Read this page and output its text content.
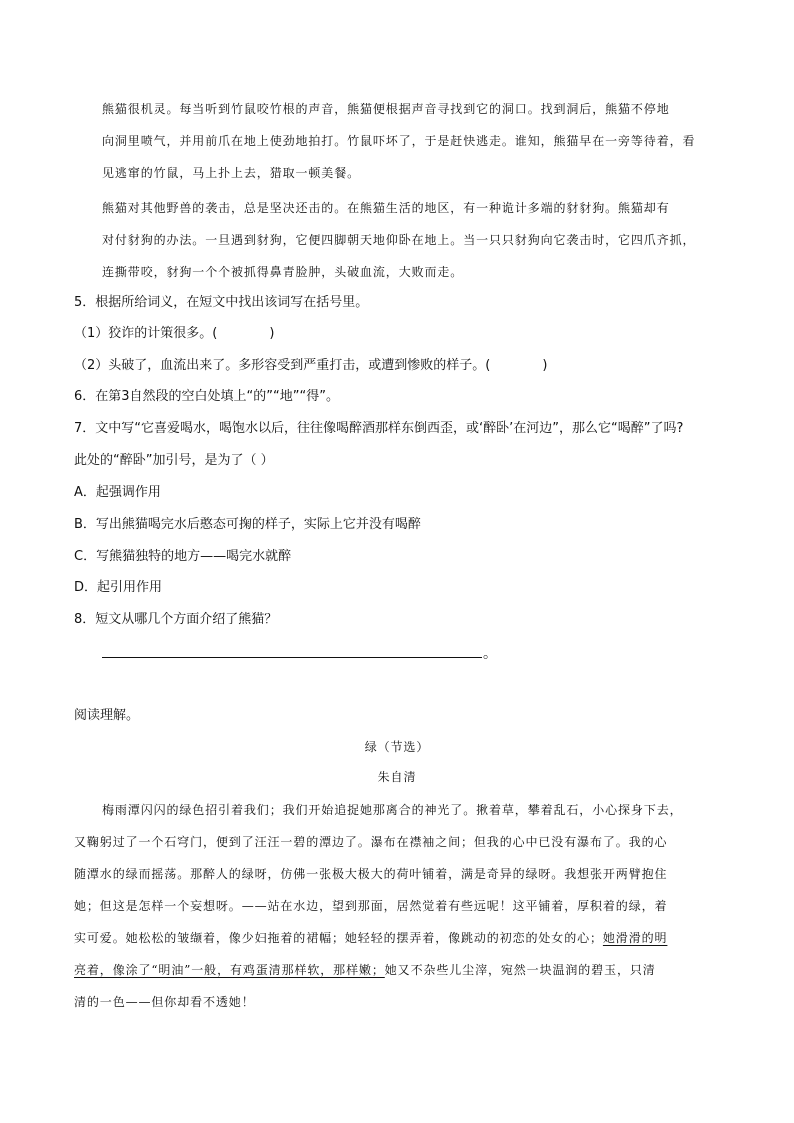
熊猫很机灵。每当听到竹鼠咬竹根的声音，熊猫便根据声音寻找到它的洞口。找到洞后，熊猫不停地
向洞里喷气，并用前爪在地上使劲地拍打。竹鼠吓坏了，于是赶快逃走。谁知，熊猫早在一旁等待着，看
见逃窜的竹鼠，马上扑上去，猎取一顿美餐。
熊猫对其他野兽的袭击，总是坚决还击的。在熊猫生活的地区，有一种诡计多端的豺豺狗。熊猫却有
对付豺狗的办法。一旦遇到豺狗，它便四脚朝天地仰卧在地上。当一只只豺狗向它袭击时，它四爪齐抓，
连撕带咬，豺狗一个个被抓得鼻青脸肿，头破血流，大败而走。
5．根据所给词义，在短文中找出该词写在括号里。
（1）狡诈的计策很多。(　　　　)
（2）头破了，血流出来了。多形容受到严重打击，或遭到惨败的样子。(　　　　)
6．在第3自然段的空白处填上“的”“地”“得”。
7．文中写“它喜爱喝水，喝饱水以后，往往像喝醉酒那样东倒西歪，或‘醉卧’在河边”，那么它“喝醉”了吗?
此处的“醉卧”加引号，是为了（ ）
A．起强调作用
B．写出熊猫喝完水后憨态可掬的样子，实际上它并没有喝醉
C．写熊猫独特的地方——喝完水就醉
D．起引用作用
8．短文从哪几个方面介绍了熊猫？
。
阅读理解。
绿（节选）
朱自清
梅雨潭闪闪的绿色招引着我们；我们开始追捉她那离合的神光了。揪着草，攀着乱石，小心探身下去，
又鞠躬过了一个石穹门，便到了汪汪一碧的潭边了。瀑布在襟袖之间；但我的心中已没有瀑布了。我的心
随潭水的绿而摇荡。那醉人的绿呀，仿佛一张极大极大的荷叶铺着，满是奇异的绿呀。我想张开两臂抱住
她；但这是怎样一个妄想呀。——站在水边，望到那面，居然觉着有些远呢！这平铺着，厚积着的绿，着
实可爱。她松松的皱缬着，像少妇拖着的裙幅；她轻轻的摆弄着，像跳动的初恋的处女的心；她滑滑的明
亮着，像涂了“明油”一般，有鸡蛋清那样软，那样嫩；她又不杂些儿尘滓，宛然一块温润的碧玉，只清
清的一色——但你却看不透她！
